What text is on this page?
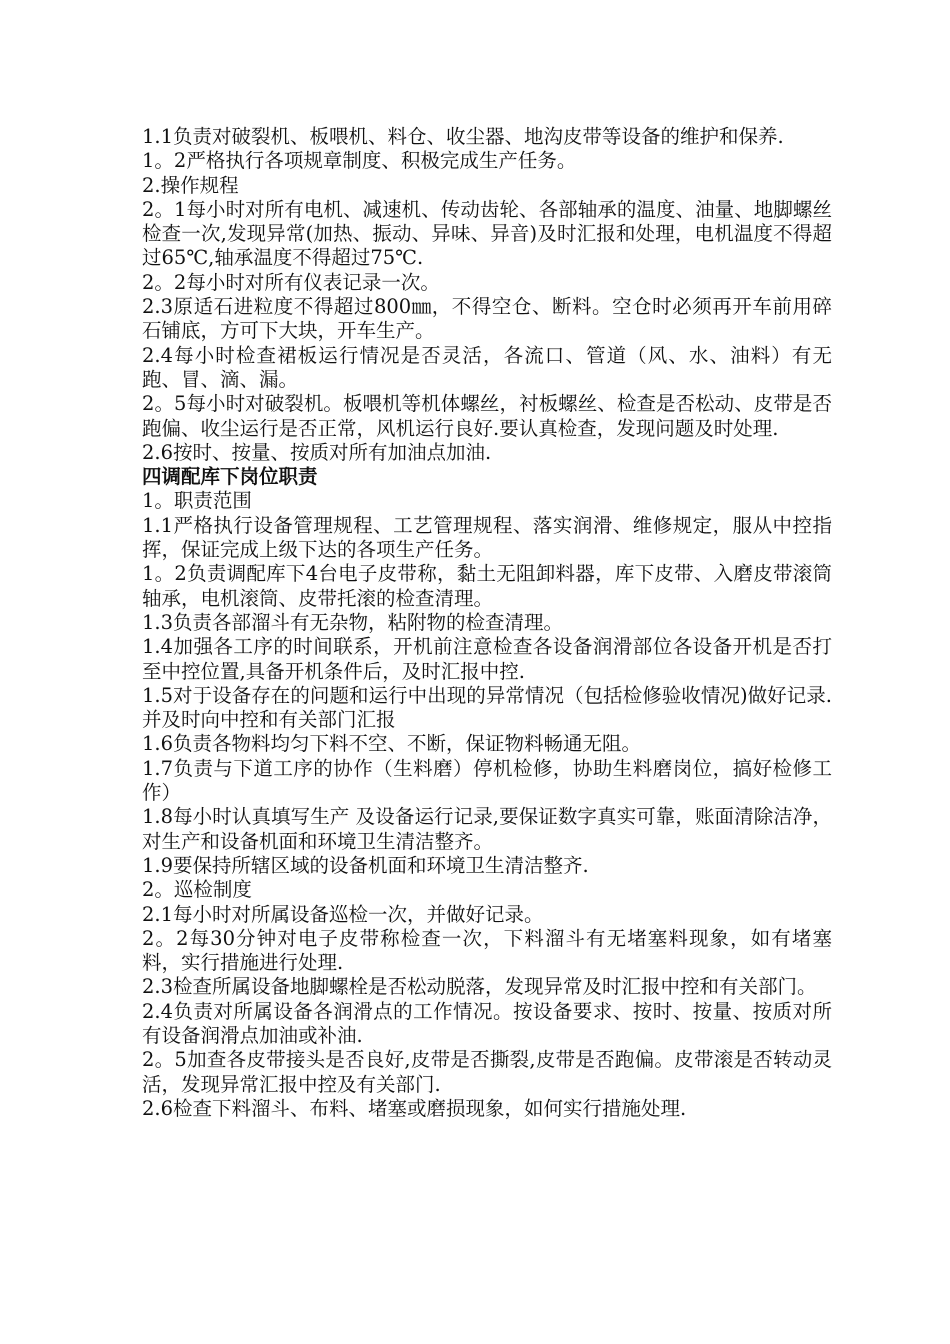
1.1负责对破裂机、板喂机、料仓、收尘器、地沟皮带等设备的维护和保养.

1。2严格执行各项规章制度、积极完成生产任务。

2.操作规程

2。1每小时对所有电机、减速机、传动齿轮、各部轴承的温度、油量、地脚螺丝检查一次,发现异常(加热、振动、异味、异音)及时汇报和处理，电机温度不得超过65℃,轴承温度不得超过75℃.

2。2每小时对所有仪表记录一次。

2.3原适石进粒度不得超过800㎜，不得空仓、断料。空仓时必须再开车前用碎石铺底，方可下大块，开车生产。

2.4每小时检查裙板运行情况是否灵活，各流口、管道（风、水、油料）有无跑、冒、滴、漏。

2。5每小时对破裂机。板喂机等机体螺丝，衬板螺丝、检查是否松动、皮带是否跑偏、收尘运行是否正常，风机运行良好.要认真检查，发现问题及时处理.

2.6按时、按量、按质对所有加油点加油.

四调配库下岗位职责

1。职责范围

1.1严格执行设备管理规程、工艺管理规程、落实润滑、维修规定，服从中控指挥，保证完成上级下达的各项生产任务。

1。2负责调配库下4台电子皮带称，黏土无阻卸料器，库下皮带、入磨皮带滚筒轴承，电机滚筒、皮带托滚的检查清理。

1.3负责各部溜斗有无杂物，粘附物的检查清理。

1.4加强各工序的时间联系，开机前注意检查各设备润滑部位各设备开机是否打至中控位置,具备开机条件后，及时汇报中控.

1.5对于设备存在的问题和运行中出现的异常情况（包括检修验收情况)做好记录.并及时向中控和有关部门汇报

1.6负责各物料均匀下料不空、不断，保证物料畅通无阻。

1.7负责与下道工序的协作（生料磨）停机检修，协助生料磨岗位，搞好检修工作）

1.8每小时认真填写生产 及设备运行记录,要保证数字真实可靠，账面清除洁净，对生产和设备机面和环境卫生清洁整齐。

1.9要保持所辖区域的设备机面和环境卫生清洁整齐.

2。巡检制度

2.1每小时对所属设备巡检一次，并做好记录。

2。2每30分钟对电子皮带称检查一次，下料溜斗有无堵塞料现象，如有堵塞料，实行措施进行处理.

2.3检查所属设备地脚螺栓是否松动脱落，发现异常及时汇报中控和有关部门。

2.4负责对所属设备各润滑点的工作情况。按设备要求、按时、按量、按质对所有设备润滑点加油或补油.

2。5加查各皮带接头是否良好,皮带是否撕裂,皮带是否跑偏。皮带滚是否转动灵活，发现异常汇报中控及有关部门.

2.6检查下料溜斗、布料、堵塞或磨损现象，如何实行措施处理.
